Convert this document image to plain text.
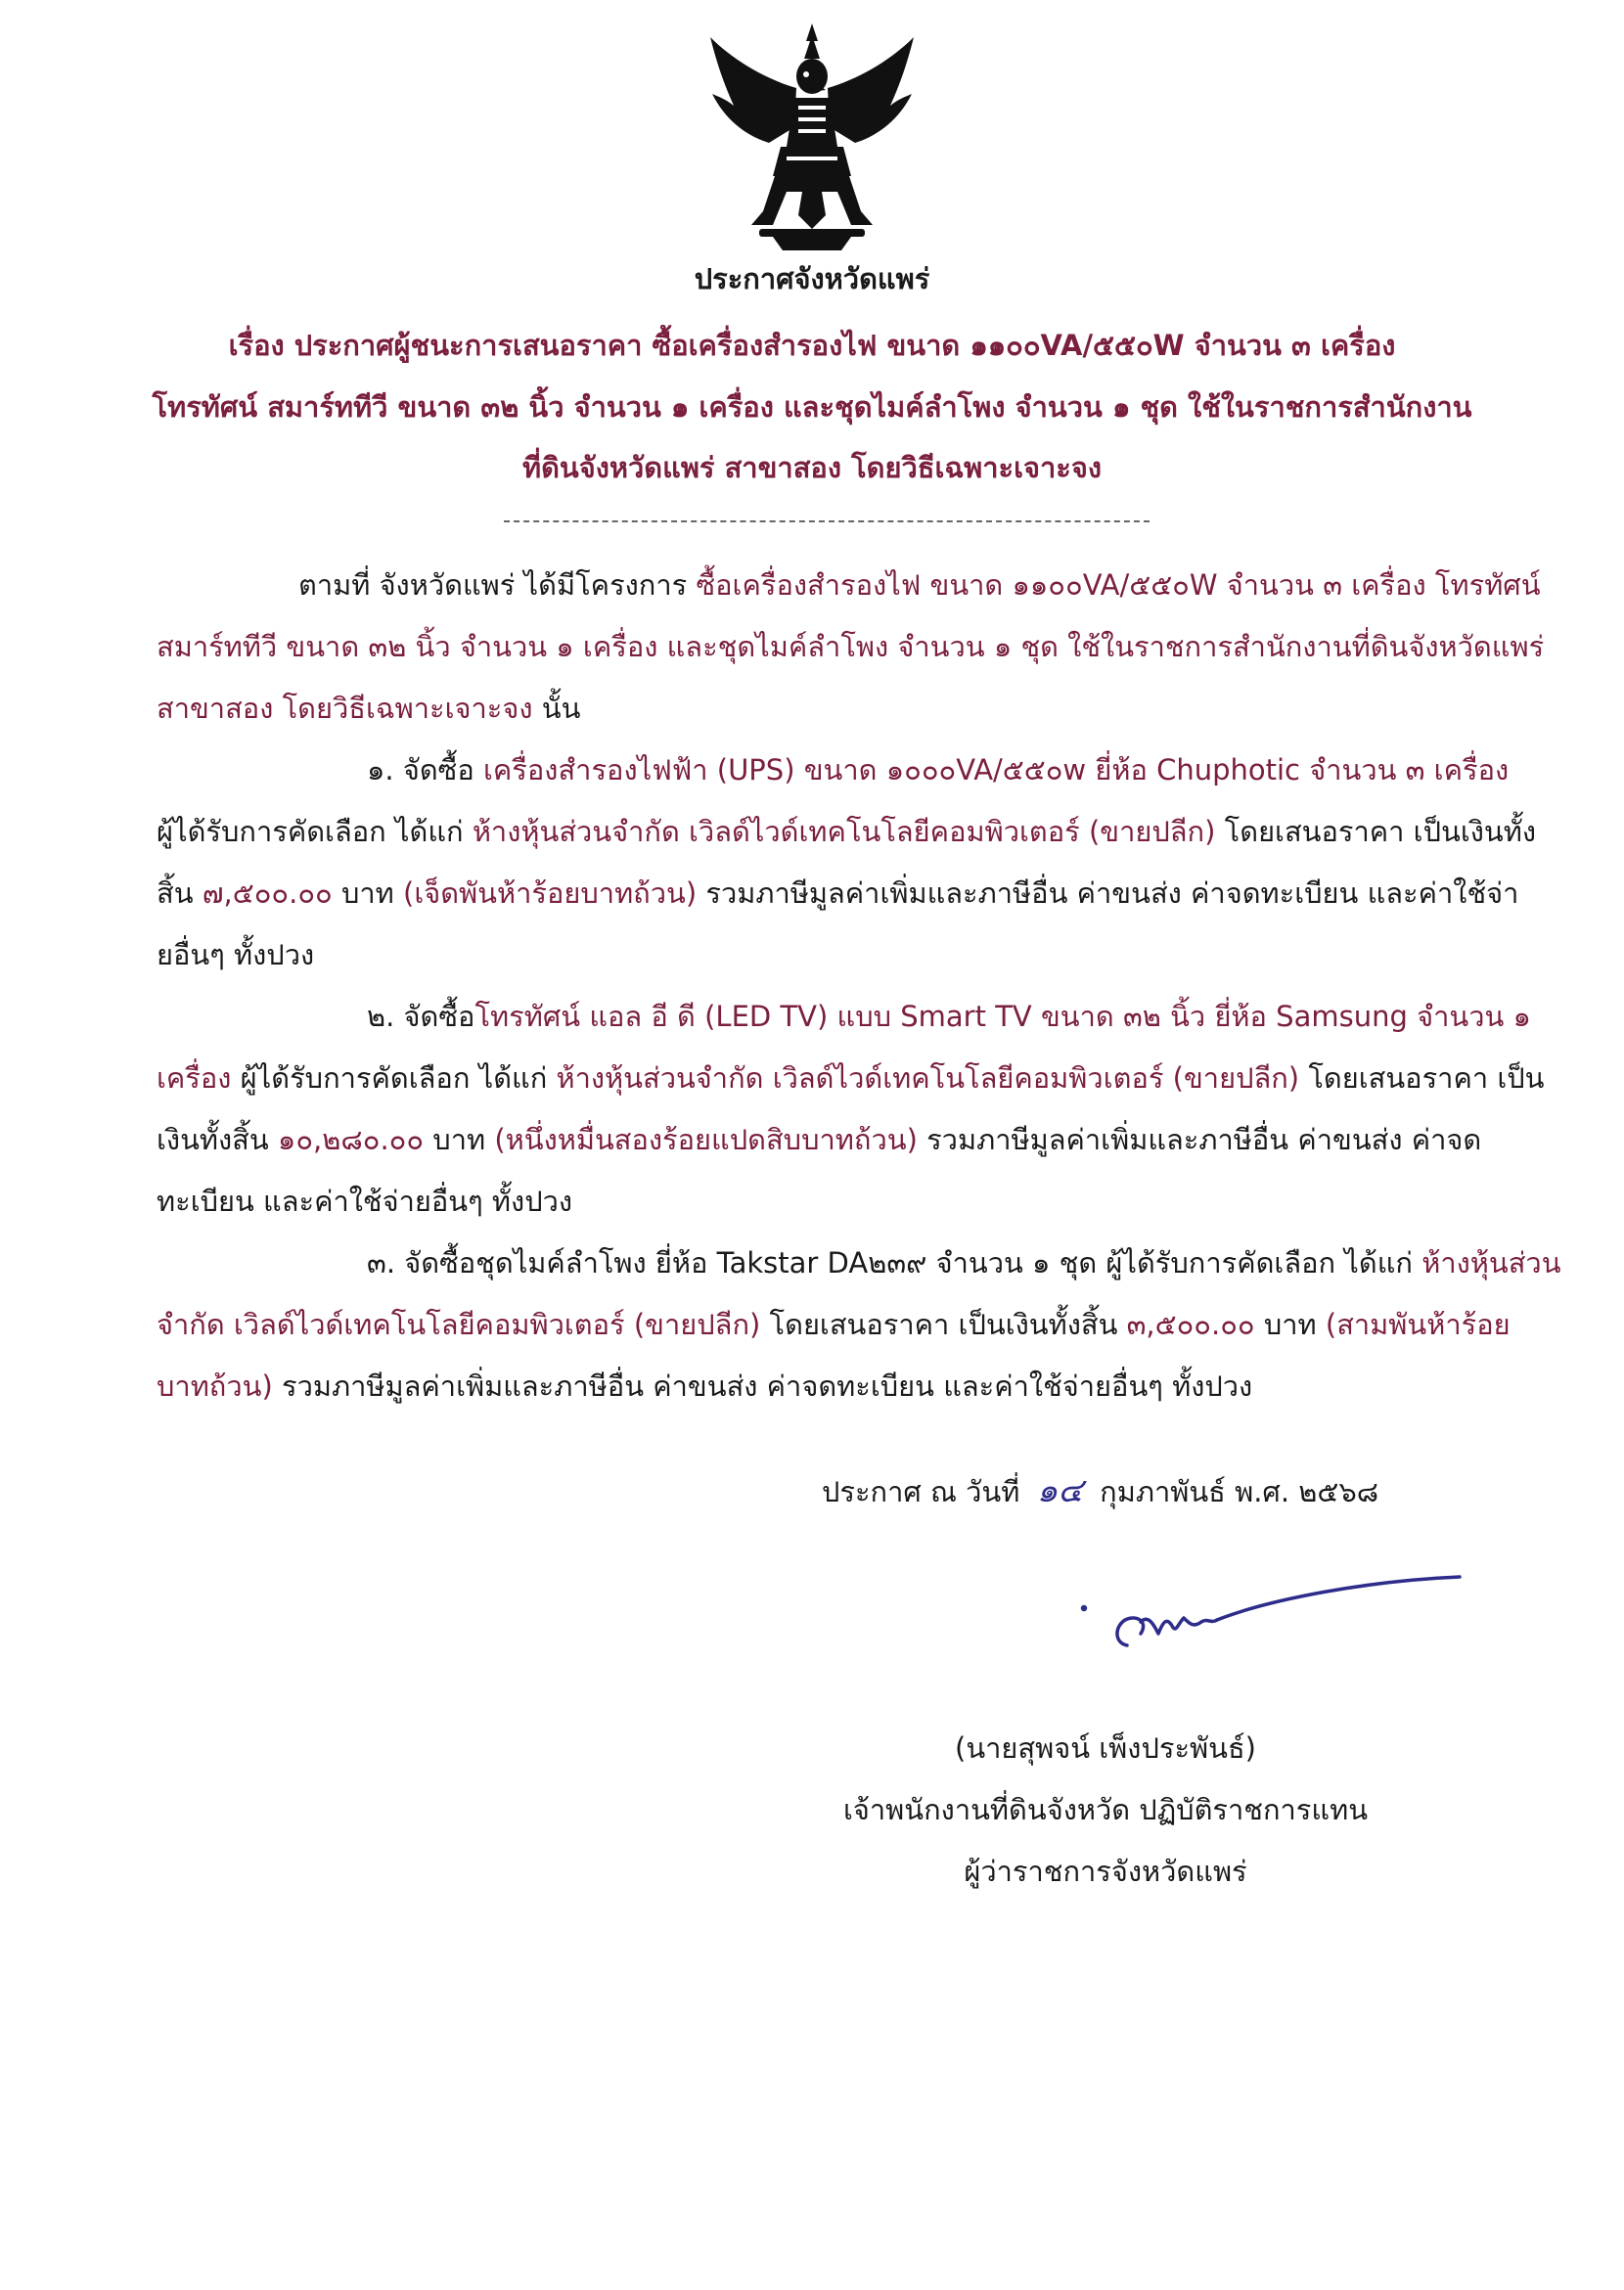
ประกาศจังหวัดแพร่
เรื่อง ประกาศผู้ชนะการเสนอราคา ซื้อเครื่องสำรองไฟ ขนาด ๑๑๐๐VA/๕๕๐W จำนวน ๓ เครื่อง
โทรทัศน์ สมาร์ททีวี ขนาด ๓๒ นิ้ว จำนวน ๑ เครื่อง และชุดไมค์ลำโพง จำนวน ๑ ชุด ใช้ในราชการสำนักงาน
ที่ดินจังหวัดแพร่ สาขาสอง โดยวิธีเฉพาะเจาะจง
ตามที่ จังหวัดแพร่ ได้มีโครงการ ซื้อเครื่องสำรองไฟ ขนาด ๑๑๐๐VA/๕๕๐W จำนวน ๓ เครื่อง โทรทัศน์
สมาร์ททีวี ขนาด ๓๒ นิ้ว จำนวน ๑ เครื่อง และชุดไมค์ลำโพง จำนวน ๑ ชุด ใช้ในราชการสำนักงานที่ดินจังหวัดแพร่
สาขาสอง โดยวิธีเฉพาะเจาะจง นั้น
๑. จัดซื้อ เครื่องสำรองไฟฟ้า (UPS) ขนาด ๑๐๐๐VA/๕๕๐w ยี่ห้อ Chuphotic จำนวน ๓ เครื่อง
ผู้ได้รับการคัดเลือก ได้แก่ ห้างหุ้นส่วนจำกัด เวิลด์ไวด์เทคโนโลยีคอมพิวเตอร์ (ขายปลีก) โดยเสนอราคา เป็นเงินทั้ง
สิ้น ๗,๕๐๐.๐๐ บาท (เจ็ดพันห้าร้อยบาทถ้วน) รวมภาษีมูลค่าเพิ่มและภาษีอื่น ค่าขนส่ง ค่าจดทะเบียน และค่าใช้จ่า
ยอื่นๆ ทั้งปวง
๒. จัดซื้อโทรทัศน์ แอล อี ดี (LED TV) แบบ Smart TV ขนาด ๓๒ นิ้ว ยี่ห้อ Samsung จำนวน ๑
เครื่อง ผู้ได้รับการคัดเลือก ได้แก่ ห้างหุ้นส่วนจำกัด เวิลด์ไวด์เทคโนโลยีคอมพิวเตอร์ (ขายปลีก) โดยเสนอราคา เป็น
เงินทั้งสิ้น ๑๐,๒๘๐.๐๐ บาท (หนึ่งหมื่นสองร้อยแปดสิบบาทถ้วน) รวมภาษีมูลค่าเพิ่มและภาษีอื่น ค่าขนส่ง ค่าจด
ทะเบียน และค่าใช้จ่ายอื่นๆ ทั้งปวง
๓. จัดซื้อชุดไมค์ลำโพง ยี่ห้อ Takstar DA๒๓๙ จำนวน ๑ ชุด ผู้ได้รับการคัดเลือก ได้แก่ ห้างหุ้นส่วน
จำกัด เวิลด์ไวด์เทคโนโลยีคอมพิวเตอร์ (ขายปลีก) โดยเสนอราคา เป็นเงินทั้งสิ้น ๓,๕๐๐.๐๐ บาท (สามพันห้าร้อย
บาทถ้วน) รวมภาษีมูลค่าเพิ่มและภาษีอื่น ค่าขนส่ง ค่าจดทะเบียน และค่าใช้จ่ายอื่นๆ ทั้งปวง
ประกาศ ณ วันที่ ๑๔ กุมภาพันธ์ พ.ศ. ๒๕๖๘
(นายสุพจน์ เพ็งประพันธ์)
เจ้าพนักงานที่ดินจังหวัด ปฏิบัติราชการแทน
ผู้ว่าราชการจังหวัดแพร่
